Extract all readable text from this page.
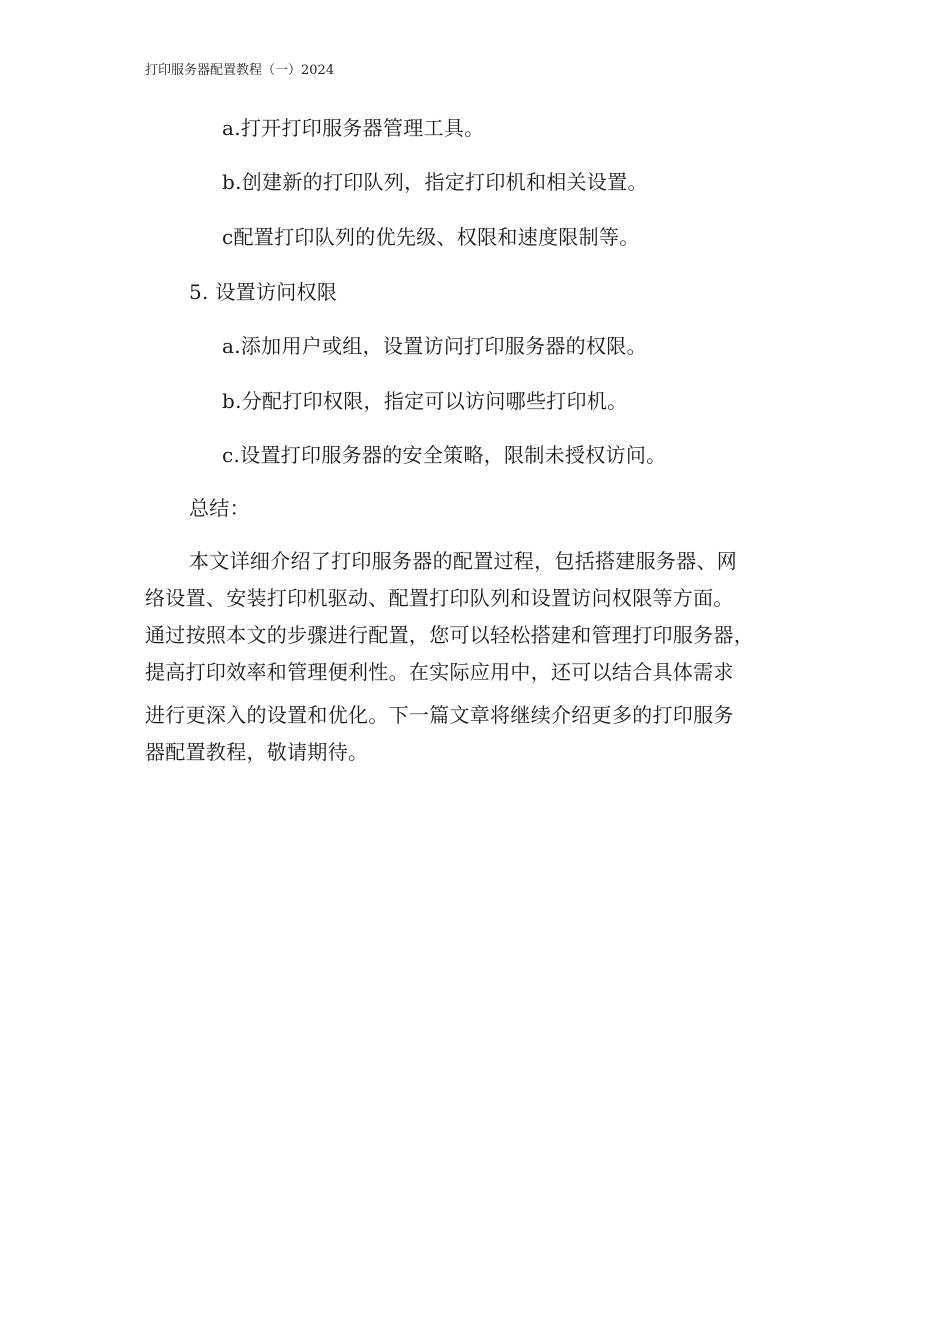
打印服务器配置教程（一）2024
a.打开打印服务器管理工具。
b.创建新的打印队列，指定打印机和相关设置。
c配置打印队列的优先级、权限和速度限制等。
5. 设置访问权限
a.添加用户或组，设置访问打印服务器的权限。
b.分配打印权限，指定可以访问哪些打印机。
c.设置打印服务器的安全策略，限制未授权访问。
总结：
本文详细介绍了打印服务器的配置过程，包括搭建服务器、网
络设置、安装打印机驱动、配置打印队列和设置访问权限等方面。
通过按照本文的步骤进行配置，您可以轻松搭建和管理打印服务器，
提高打印效率和管理便利性。在实际应用中，还可以结合具体需求
进行更深入的设置和优化。下一篇文章将继续介绍更多的打印服务
器配置教程，敬请期待。
